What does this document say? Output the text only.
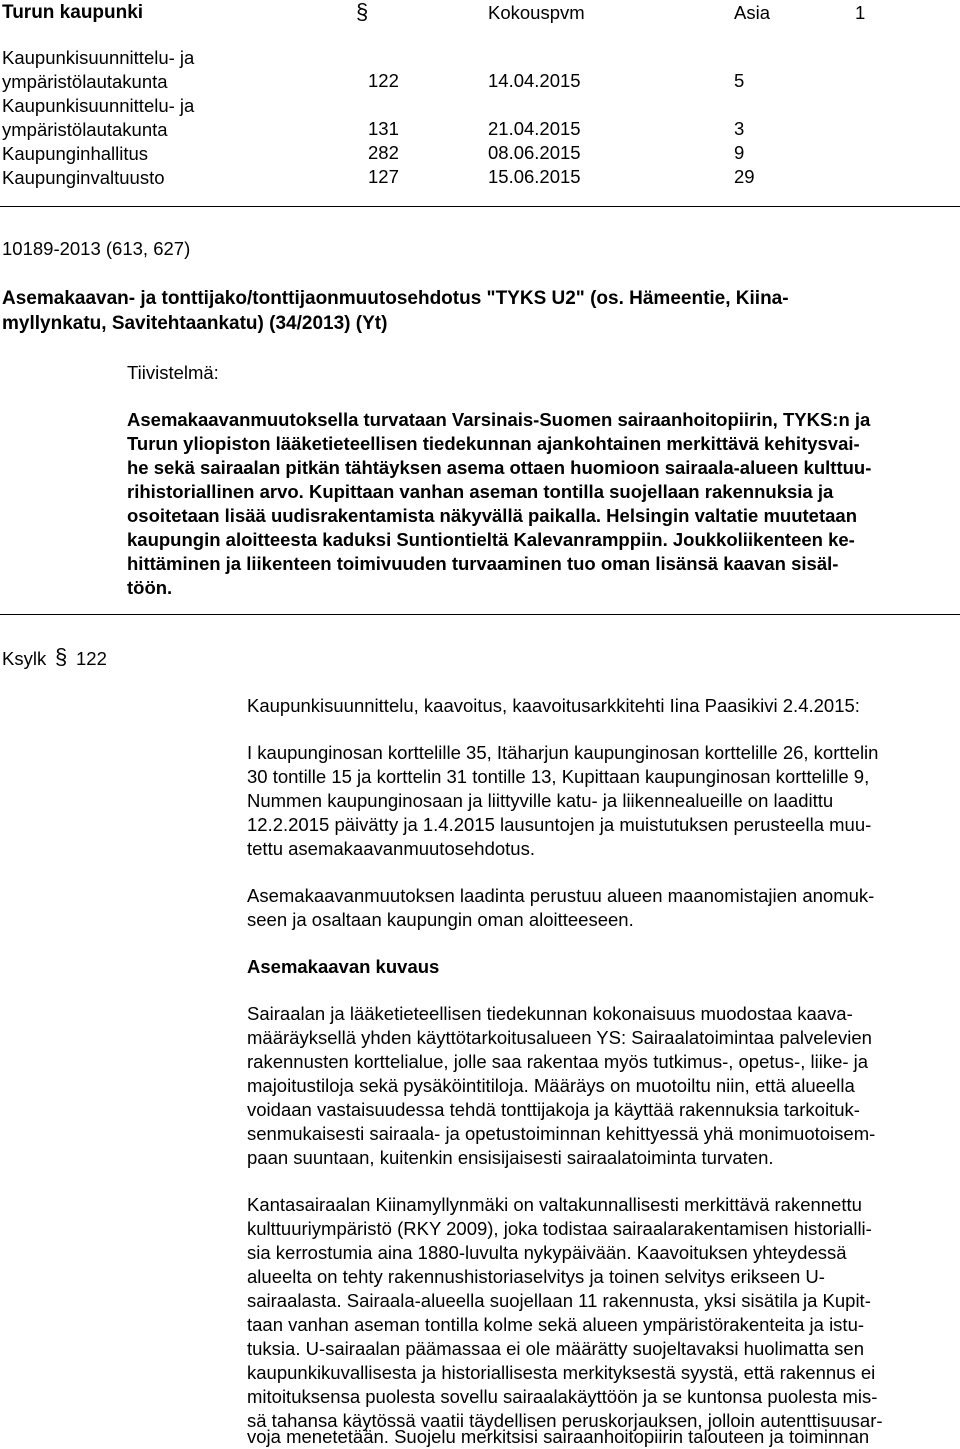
Turun kaupunki	§	Kokouspvm	Asia	1
Kaupunkisuunnittelu- ja
ympäristölautakunta	122	14.04.2015	5
Kaupunkisuunnittelu- ja
ympäristölautakunta	131	21.04.2015	3
Kaupunginhallitus	282	08.06.2015	9
Kaupunginvaltuusto	127	15.06.2015	29
10189-2013 (613, 627)
Asemakaavan- ja tonttijako/tonttijaonmuutosehdotus "TYKS U2" (os. Hämeentie, Kiina-
myllynkatu, Savitehtaankatu) (34/2013) (Yt)
Tiivistelmä:
Asemakaavanmuutoksella turvataan Varsinais-Suomen sairaanhoitopiirin, TYKS:n ja
Turun yliopiston lääketieteellisen tiedekunnan ajankohtainen merkittävä kehitysvai-
he sekä sairaalan pitkän tähtäyksen asema ottaen huomioon sairaala-alueen kulttuu-
rihistoriallinen arvo. Kupittaan vanhan aseman tontilla suojellaan rakennuksia ja
osoitetaan lisää uudisrakentamista näkyvällä paikalla. Helsingin valtatie muutetaan
kaupungin aloitteesta kaduksi Suntiontieltä Kalevanramppiin. Joukkoliikenteen ke-
hittäminen ja liikenteen toimivuuden turvaaminen tuo oman lisänsä kaavan sisäl-
töön.
Ksylk § 122
Kaupunkisuunnittelu, kaavoitus, kaavoitusarkkitehti Iina Paasikivi 2.4.2015:
I kaupunginosan korttelille 35, Itäharjun kaupunginosan korttelille 26, korttelin
30 tontille 15 ja korttelin 31 tontille 13, Kupittaan kaupunginosan korttelille 9,
Nummen kaupunginosaan ja liittyville katu- ja liikennealueille on laadittu
12.2.2015 päivätty ja 1.4.2015 lausuntojen ja muistutuksen perusteella muu-
tettu asemakaavanmuutosehdotus.
Asemakaavanmuutoksen laadinta perustuu alueen maanomistajien anomuk-
seen ja osaltaan kaupungin oman aloitteeseen.
Asemakaavan kuvaus
Sairaalan ja lääketieteellisen tiedekunnan kokonaisuus muodostaa kaava-
määräyksellä yhden käyttötarkoitusalueen YS: Sairaalatoimintaa palvelevien
rakennusten korttelialue, jolle saa rakentaa myös tutkimus-, opetus-, liike- ja
majoitustiloja sekä pysäköintitiloja. Määräys on muotoiltu niin, että alueella
voidaan vastaisuudessa tehdä tonttijakoja ja käyttää rakennuksia tarkoituk-
senmukaisesti sairaala- ja opetustoiminnan kehittyessä yhä monimuotoisem-
paan suuntaan, kuitenkin ensisijaisesti sairaalatoiminta turvaten.
Kantasairaalan Kiinamyllynmäki on valtakunnallisesti merkittävä rakennettu
kulttuuriympäristö (RKY 2009), joka todistaa sairaalarakentamisen historialli-
sia kerrostumia aina 1880-luvulta nykypäivään. Kaavoituksen yhteydessä
alueelta on tehty rakennushistoriaselvitys ja toinen selvitys erikseen U-
sairaalasta. Sairaala-alueella suojellaan 11 rakennusta, yksi sisätila ja Kupit-
taan vanhan aseman tontilla kolme sekä alueen ympäristörakenteita ja istu-
tuksia. U-sairaalan päämassaa ei ole määrätty suojeltavaksi huolimatta sen
kaupunkikuvallisesta ja historiallisesta merkityksestä syystä, että rakennus ei
mitoituksensa puolesta sovellu sairaalakäyttöön ja se kuntonsa puolesta mis-
sä tahansa käytössä vaatii täydellisen peruskorjauksen, jolloin autenttisuusar-
voja menetetään. Suojelu merkitsisi sairaanhoitopiirin talouteen ja toiminnan
